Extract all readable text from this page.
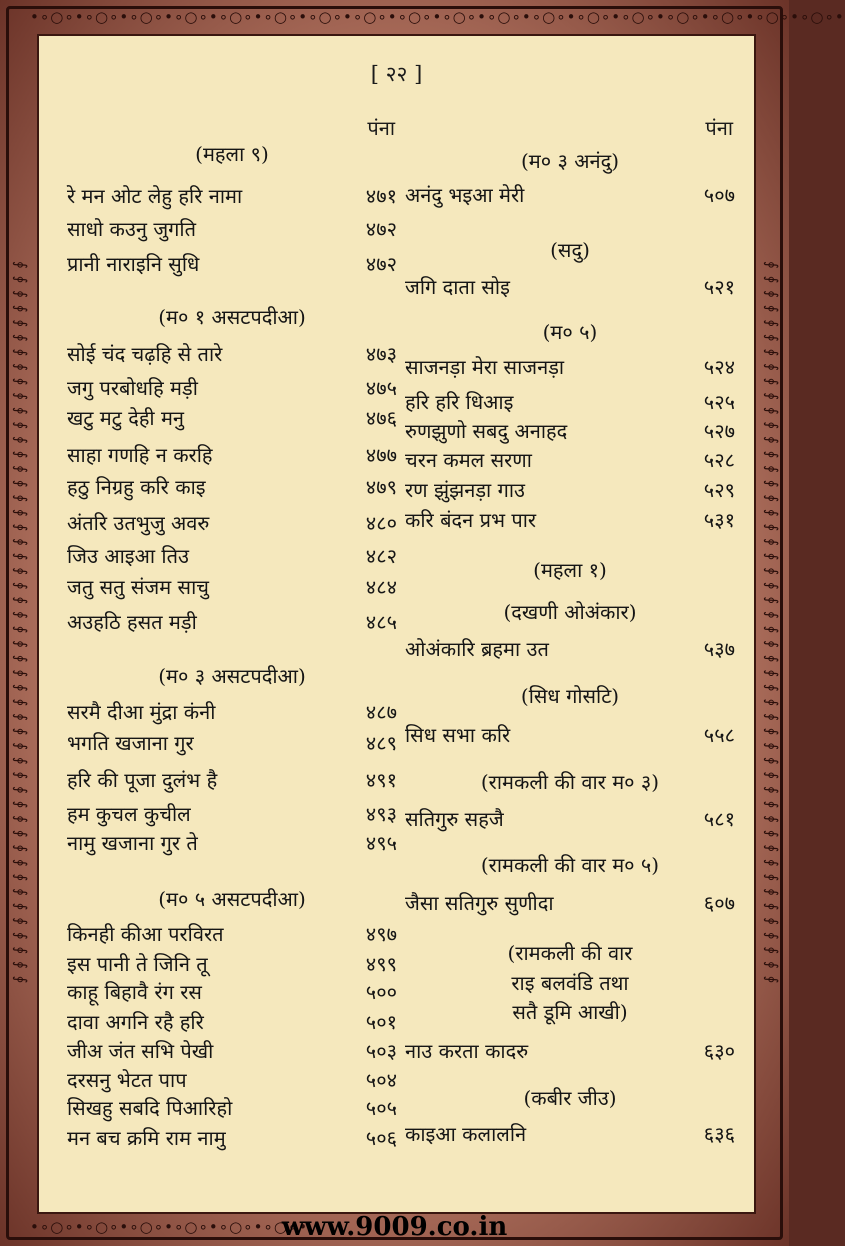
•∘○∘•∘○∘•∘○∘•∘○∘•∘○∘•∘○∘•∘○∘•∘○∘•∘○∘•∘○∘•∘○∘•∘○∘•∘○∘•∘○∘•∘○∘•∘○∘•∘○∘•∘○∘•
•∘○∘•∘○∘•∘○∘•∘○∘•∘○∘•∘○∘•
∮ ∮ ∮ ∮ ∮ ∮ ∮ ∮ ∮ ∮ ∮ ∮ ∮ ∮ ∮ ∮ ∮ ∮ ∮ ∮ ∮ ∮ ∮ ∮ ∮ ∮ ∮ ∮ ∮ ∮ ∮ ∮ ∮ ∮ ∮ ∮ ∮ ∮ ∮ ∮ ∮ ∮ ∮ ∮ ∮ ∮ ∮ ∮ ∮ ∮	∮ ∮ ∮ ∮ ∮ ∮ ∮ ∮ ∮ ∮ ∮ ∮ ∮ ∮ ∮ ∮ ∮ ∮ ∮ ∮ ∮ ∮ ∮ ∮ ∮ ∮ ∮ ∮ ∮ ∮ ∮ ∮ ∮ ∮ ∮ ∮ ∮ ∮ ∮ ∮ ∮ ∮ ∮ ∮ ∮ ∮ ∮ ∮ ∮ ∮
[ २२ ]
पंना
(महला ९)
रे मन ओट लेहु हरि नामा	४७१
साधो कउनु जुगति	४७२
प्रानी नाराइनि सुधि	४७२
(म० १ असटपदीआ)
सोई चंद चढ़हि से तारे	४७३
जगु परबोधहि मड़ी	४७५
खटु मटु देही मनु	४७६
साहा गणहि न करहि	४७७
हठु निग्रहु करि काइ	४७९
अंतरि उतभुजु अवरु	४८०
जिउ आइआ तिउ	४८२
जतु सतु संजम साचु	४८४
अउहठि हसत मड़ी	४८५
(म० ३ असटपदीआ)
सरमै दीआ मुंद्रा कंनी	४८७
भगति खजाना गुर	४८९
हरि की पूजा दुलंभ है	४९१
हम कुचल कुचील	४९३
नामु खजाना गुर ते	४९५
(म० ५ असटपदीआ)
किनही कीआ परविरत	४९७
इस पानी ते जिनि तू	४९९
काहू बिहावै रंग रस	५००
दावा अगनि रहै हरि	५०१
जीअ जंत सभि पेखी	५०३
दरसनु भेटत पाप	५०४
सिखहु सबदि पिआरिहो	५०५
मन बच क्रमि राम नामु	५०६
पंना
(म० ३ अनंदु)
अनंदु भइआ मेरी	५०७
(सदु)
जगि दाता सोइ	५२१
(म० ५)
साजनड़ा मेरा साजनड़ा	५२४
हरि हरि धिआइ	५२५
रुणझुणो सबदु अनाहद	५२७
चरन कमल सरणा	५२८
रण झुंझनड़ा गाउ	५२९
करि बंदन प्रभ पार	५३१
(महला १)
(दखणी ओअंकार)
ओअंकारि ब्रहमा उत	५३७
(सिध गोसटि)
सिध सभा करि	५५८
(रामकली की वार म० ३)
सतिगुरु सहजै	५८१
(रामकली की वार म० ५)
जैसा सतिगुरु सुणीदा	६०७
(रामकली की वार
राइ बलवंडि तथा
सतै डूमि आखी)
नाउ करता कादरु	६३०
(कबीर जीउ)
काइआ कलालनि	६३६
www.9009.co.in
